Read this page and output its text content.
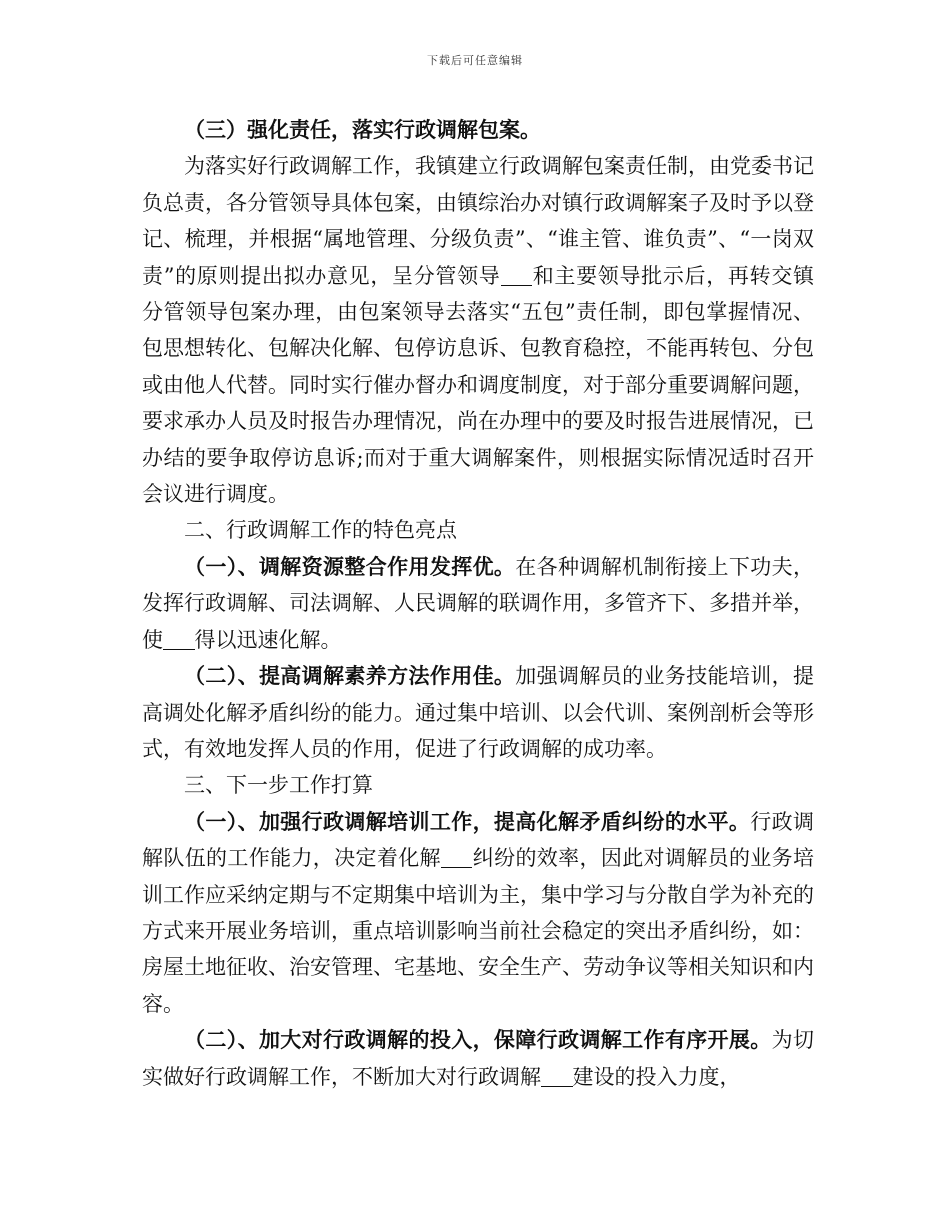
下载后可任意编辑

（三）强化责任，落实行政调解包案。

为落实好行政调解工作，我镇建立行政调解包案责任制，由党委书记负总责，各分管领导具体包案，由镇综治办对镇行政调解案子及时予以登记、梳理，并根据“属地管理、分级负责”、“谁主管、谁负责”、“一岗双责”的原则提出拟办意见，呈分管领导 和主要领导批示后，再转交镇分管领导包案办理，由包案领导去落实“五包”责任制，即包掌握情况、包思想转化、包解决化解、包停访息诉、包教育稳控，不能再转包、分包或由他人代替。同时实行催办督办和调度制度，对于部分重要调解问题，要求承办人员及时报告办理情况，尚在办理中的要及时报告进展情况，已办结的要争取停访息诉;而对于重大调解案件，则根据实际情况适时召开会议进行调度。

二、行政调解工作的特色亮点

（一）、调解资源整合作用发挥优。在各种调解机制衔接上下功夫，发挥行政调解、司法调解、人民调解的联调作用，多管齐下、多措并举，使 得以迅速化解。

（二）、提高调解素养方法作用佳。加强调解员的业务技能培训，提高调处化解矛盾纠纷的能力。通过集中培训、以会代训、案例剖析会等形式，有效地发挥人员的作用，促进了行政调解的成功率。

三、下一步工作打算

（一）、加强行政调解培训工作，提高化解矛盾纠纷的水平。行政调解队伍的工作能力，决定着化解 纠纷的效率，因此对调解员的业务培训工作应采纳定期与不定期集中培训为主，集中学习与分散自学为补充的方式来开展业务培训，重点培训影响当前社会稳定的突出矛盾纠纷，如：房屋土地征收、治安管理、宅基地、安全生产、劳动争议等相关知识和内容。

（二）、加大对行政调解的投入，保障行政调解工作有序开展。为切实做好行政调解工作，不断加大对行政调解 建设的投入力度，
